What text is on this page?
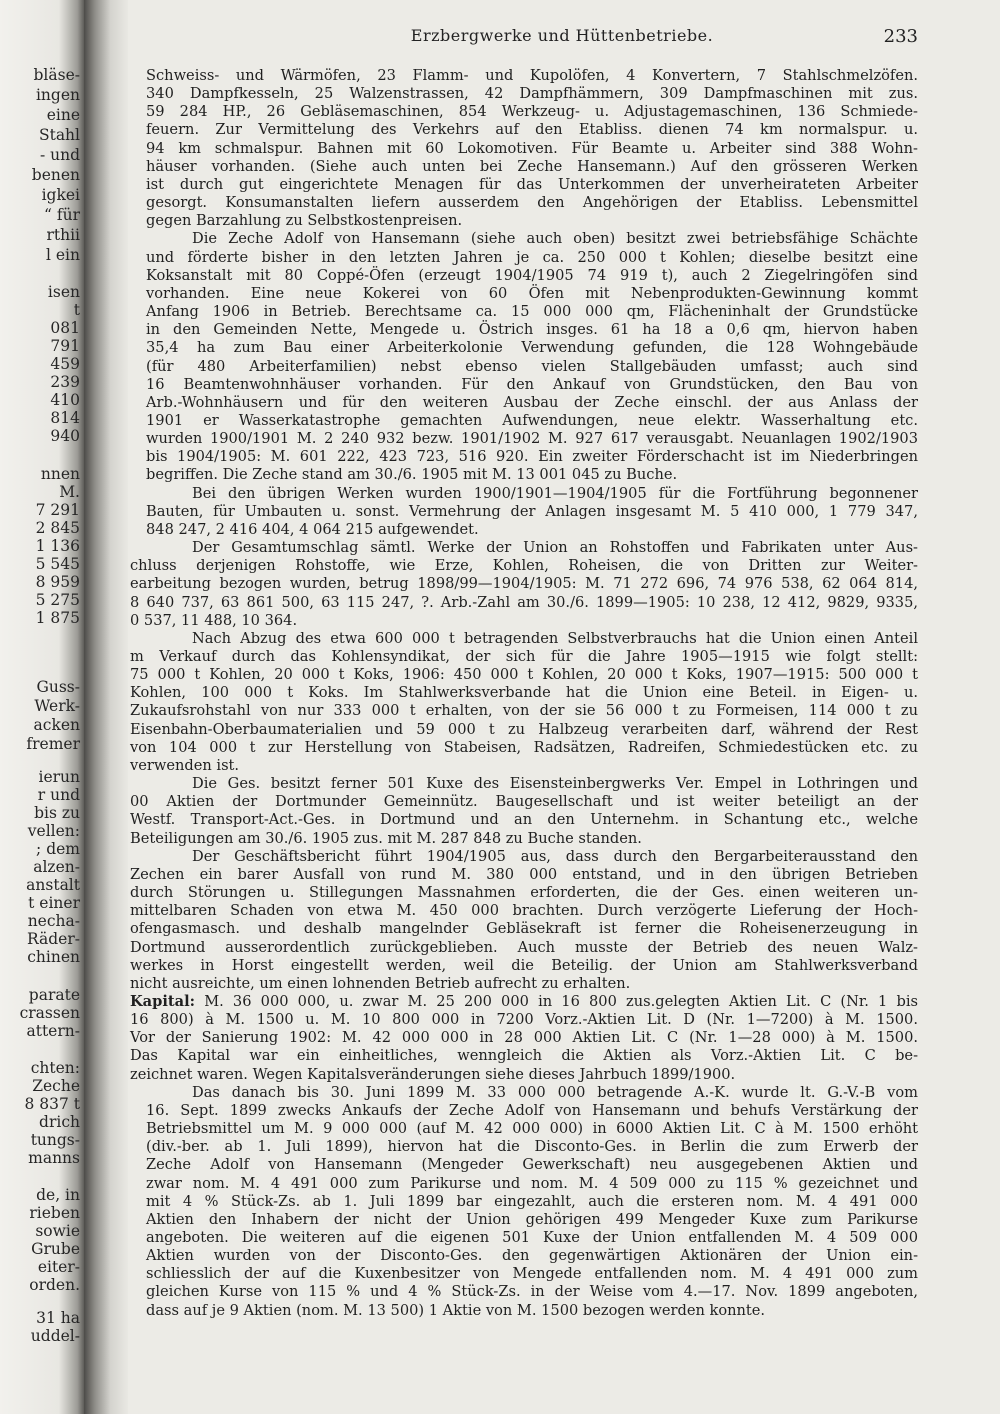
bläse-
ingen
eine
Stahl
- und
benen
igkei
“ für
rthii
l ein
isen
t
081
791
459
239
410
814
940
nnen
M.
7 291
2 845
1 136
5 545
8 959
5 275
1 875
Guss-
Werk-
acken
fremer
ierun
r und
bis zu
vellen:
; dem
alzen-
anstalt
t einer
necha-
Räder-
chinen
parate
crassen
attern-
chten:
Zeche
8 837 t
drich
tungs-
manns
de, in
rieben
sowie
Grube
eiter-
orden.
31 ha
uddel-
Erzbergwerke und Hüttenbetriebe.	233
Schweiss- und Wärmöfen, 23 Flamm- und Kupolöfen, 4 Konvertern, 7 Stahlschmelzöfen.
340 Dampfkesseln, 25 Walzenstrassen, 42 Dampfhämmern, 309 Dampfmaschinen mit zus.
59 284 HP., 26 Gebläsemaschinen, 854 Werkzeug- u. Adjustagemaschinen, 136 Schmiede-
feuern. Zur Vermittelung des Verkehrs auf den Etabliss. dienen 74 km normalspur. u.
94 km schmalspur. Bahnen mit 60 Lokomotiven. Für Beamte u. Arbeiter sind 388 Wohn-
häuser vorhanden. (Siehe auch unten bei Zeche Hansemann.) Auf den grösseren Werken
ist durch gut eingerichtete Menagen für das Unterkommen der unverheirateten Arbeiter
gesorgt. Konsumanstalten liefern ausserdem den Angehörigen der Etabliss. Lebensmittel
gegen Barzahlung zu Selbstkostenpreisen.
Die Zeche Adolf von Hansemann (siehe auch oben) besitzt zwei betriebsfähige Schächte
und förderte bisher in den letzten Jahren je ca. 250 000 t Kohlen; dieselbe besitzt eine
Koksanstalt mit 80 Coppé-Öfen (erzeugt 1904/1905 74 919 t), auch 2 Ziegelringöfen sind
vorhanden. Eine neue Kokerei von 60 Öfen mit Nebenprodukten-Gewinnung kommt
Anfang 1906 in Betrieb. Berechtsame ca. 15 000 000 qm, Flächeninhalt der Grundstücke
in den Gemeinden Nette, Mengede u. Östrich insges. 61 ha 18 a 0,6 qm, hiervon haben
35,4 ha zum Bau einer Arbeiterkolonie Verwendung gefunden, die 128 Wohngebäude
(für 480 Arbeiterfamilien) nebst ebenso vielen Stallgebäuden umfasst; auch sind
16 Beamtenwohnhäuser vorhanden. Für den Ankauf von Grundstücken, den Bau von
Arb.-Wohnhäusern und für den weiteren Ausbau der Zeche einschl. der aus Anlass der
1901 er Wasserkatastrophe gemachten Aufwendungen, neue elektr. Wasserhaltung etc.
wurden 1900/1901 M. 2 240 932 bezw. 1901/1902 M. 927 617 verausgabt. Neuanlagen 1902/1903
bis 1904/1905: M. 601 222, 423 723, 516 920. Ein zweiter Förderschacht ist im Niederbringen
begriffen. Die Zeche stand am 30./6. 1905 mit M. 13 001 045 zu Buche.
Bei den übrigen Werken wurden 1900/1901—1904/1905 für die Fortführung begonnener
Bauten, für Umbauten u. sonst. Vermehrung der Anlagen insgesamt M. 5 410 000, 1 779 347,
848 247, 2 416 404, 4 064 215 aufgewendet.
Der Gesamtumschlag sämtl. Werke der Union an Rohstoffen und Fabrikaten unter Aus-
chluss derjenigen Rohstoffe, wie Erze, Kohlen, Roheisen, die von Dritten zur Weiter-
earbeitung bezogen wurden, betrug 1898/99—1904/1905: M. 71 272 696, 74 976 538, 62 064 814,
8 640 737, 63 861 500, 63 115 247, ?. Arb.-Zahl am 30./6. 1899—1905: 10 238, 12 412, 9829, 9335,
0 537, 11 488, 10 364.
Nach Abzug des etwa 600 000 t betragenden Selbstverbrauchs hat die Union einen Anteil
m Verkauf durch das Kohlensyndikat, der sich für die Jahre 1905—1915 wie folgt stellt:
75 000 t Kohlen, 20 000 t Koks, 1906: 450 000 t Kohlen, 20 000 t Koks, 1907—1915: 500 000 t
Kohlen, 100 000 t Koks. Im Stahlwerksverbande hat die Union eine Beteil. in Eigen- u.
Zukaufsrohstahl von nur 333 000 t erhalten, von der sie 56 000 t zu Formeisen, 114 000 t zu
Eisenbahn-Oberbaumaterialien und 59 000 t zu Halbzeug verarbeiten darf, während der Rest
von 104 000 t zur Herstellung von Stabeisen, Radsätzen, Radreifen, Schmiedestücken etc. zu
verwenden ist.
Die Ges. besitzt ferner 501 Kuxe des Eisensteinbergwerks Ver. Empel in Lothringen und
00 Aktien der Dortmunder Gemeinnütz. Baugesellschaft und ist weiter beteiligt an der
Westf. Transport-Act.-Ges. in Dortmund und an den Unternehm. in Schantung etc., welche
Beteiligungen am 30./6. 1905 zus. mit M. 287 848 zu Buche standen.
Der Geschäftsbericht führt 1904/1905 aus, dass durch den Bergarbeiterausstand den
Zechen ein barer Ausfall von rund M. 380 000 entstand, und in den übrigen Betrieben
durch Störungen u. Stillegungen Massnahmen erforderten, die der Ges. einen weiteren un-
mittelbaren Schaden von etwa M. 450 000 brachten. Durch verzögerte Lieferung der Hoch-
ofengasmasch. und deshalb mangelnder Gebläsekraft ist ferner die Roheisenerzeugung in
Dortmund ausserordentlich zurückgeblieben. Auch musste der Betrieb des neuen Walz-
werkes in Horst eingestellt werden, weil die Beteilig. der Union am Stahlwerksverband
nicht ausreichte, um einen lohnenden Betrieb aufrecht zu erhalten.
Kapital: M. 36 000 000, u. zwar M. 25 200 000 in 16 800 zus.gelegten Aktien Lit. C (Nr. 1 bis
16 800) à M. 1500 u. M. 10 800 000 in 7200 Vorz.-Aktien Lit. D (Nr. 1—7200) à M. 1500.
Vor der Sanierung 1902: M. 42 000 000 in 28 000 Aktien Lit. C (Nr. 1—28 000) à M. 1500.
Das Kapital war ein einheitliches, wenngleich die Aktien als Vorz.-Aktien Lit. C be-
zeichnet waren. Wegen Kapitalsveränderungen siehe dieses Jahrbuch 1899/1900.
Das danach bis 30. Juni 1899 M. 33 000 000 betragende A.-K. wurde lt. G.-V.-B vom
16. Sept. 1899 zwecks Ankaufs der Zeche Adolf von Hansemann und behufs Verstärkung der
Betriebsmittel um M. 9 000 000 (auf M. 42 000 000) in 6000 Aktien Lit. C à M. 1500 erhöht
(div.-ber. ab 1. Juli 1899), hiervon hat die Disconto-Ges. in Berlin die zum Erwerb der
Zeche Adolf von Hansemann (Mengeder Gewerkschaft) neu ausgegebenen Aktien und
zwar nom. M. 4 491 000 zum Parikurse und nom. M. 4 509 000 zu 115 % gezeichnet und
mit 4 % Stück-Zs. ab 1. Juli 1899 bar eingezahlt, auch die ersteren nom. M. 4 491 000
Aktien den Inhabern der nicht der Union gehörigen 499 Mengeder Kuxe zum Parikurse
angeboten. Die weiteren auf die eigenen 501 Kuxe der Union entfallenden M. 4 509 000
Aktien wurden von der Disconto-Ges. den gegenwärtigen Aktionären der Union ein-
schliesslich der auf die Kuxenbesitzer von Mengede entfallenden nom. M. 4 491 000 zum
gleichen Kurse von 115 % und 4 % Stück-Zs. in der Weise vom 4.—17. Nov. 1899 angeboten,
dass auf je 9 Aktien (nom. M. 13 500) 1 Aktie von M. 1500 bezogen werden konnte.
